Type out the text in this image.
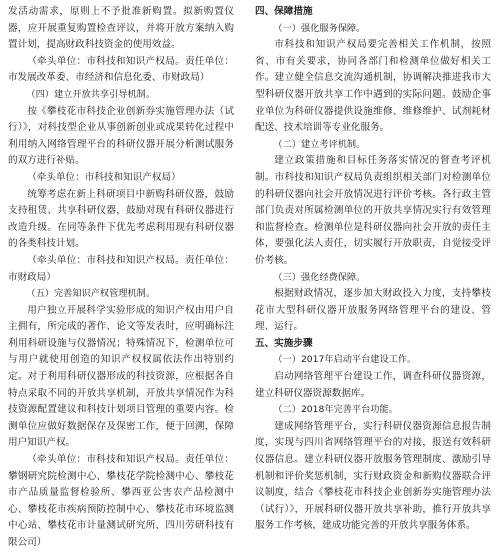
发活动需求，原则上不予批准新购置。拟新购置仪器，应开展重复购置检查评议，并将开放方案纳入购置计划，提高财政科技资金的使用效益。

（牵头单位：市科技和知识产权局。责任单位：市发展改革委、市经济和信息化委、市财政局）

（四）建立开放共享引导机制。

按《攀枝花市科技企业创新券实施管理办法（试行）》，对科技型企业从事创新创业或成果转化过程中利用纳入网络管理平台的科研仪器开展分析测试服务的双方进行补贴。

（牵头单位：市科技和知识产权局）

统筹考虑在新上科研项目中新购科研仪器，鼓励支持租赁、共享科研仪器，鼓励对现有科研仪器进行改造升级。在同等条件下优先考虑利用现有科研仪器的各类科技计划。

（牵头单位：市科技和知识产权局。责任单位：市财政局）

（五）完善知识产权管理机制。

用户独立开展科学实验形成的知识产权由用户自主拥有，所完成的著作、论文等发表时，应明确标注利用科研设施与仪器情况；特殊情况下，检测单位可与用户就使用创造的知识产权权属依法作出特别约定。对于利用科研仪器形成的科技资源，应根据各自特点采取不同的开放共享机制，开放共享情况作为科技资源配置建议和科技计划项目管理的重要内容。检测单位应做好数据保存及保密工作，便于回溯，保障用户知识产权。

（牵头单位：市科技和知识产权局。责任单位：攀钢研究院检测中心、攀枝花学院检测中心、攀枝花市产品质量监督检验所、攀西亚公害农产品检测中心、攀枝花市疾病预防控制中心、攀枝花市环境监测中心站、攀枝花市计量测试研究所、四川劳研科技有限公司）

四、保障措施

（一）强化服务保障。

市科技和知识产权局要完善相关工作机制，按照省、市有关要求，协同各部门和检测单位做好相关工作。建立健全信息交流沟通机制，协调解决推进我市大型科研仪器开放共享工作中遇到的实际问题。鼓励企事业单位为科研仪器提供设施维修、维修维护、试剂耗材配送、技术培训等专业化服务。

（二）建立考评机制。

建立政策措施和目标任务落实情况的督查考评机制。市科技和知识产权局负责组织相关部门对检测单位的科研仪器向社会开放情况进行评价考核。各行政主管部门负责对所属检测单位的开放共享情况实行有效管理和监督检查。检测单位是科研仪器向社会开放的责任主体，要强化法人责任，切实履行开放职责，自觉接受评价考核。

（三）强化经费保障。

根据财政情况，逐步加大财政投入力度，支持攀枝花市大型科研仪器开放服务网络管理平台的建设、管理、运行。

五、实施步骤

（一）2017年启动平台建设工作。

启动网络管理平台建设工作，调查科研仪器资源，建立科研仪器资源数据库。

（二）2018年完善平台功能。

建成网络管理平台，实行科研仪器资源信息报告制度，实现与四川省网络管理平台的对接，报送有效科研仪器信息。建立科研仪器开放服务管理制度、激励引导机制和评价奖惩机制，实行财政资金和新购仪器联合评议制度，结合《攀枝花市科技企业创新券实施管理办法（试行）》，开展科研仪器开放共享补助，推行开放共享服务工作考核，建成功能完善的开放共享服务体系。
